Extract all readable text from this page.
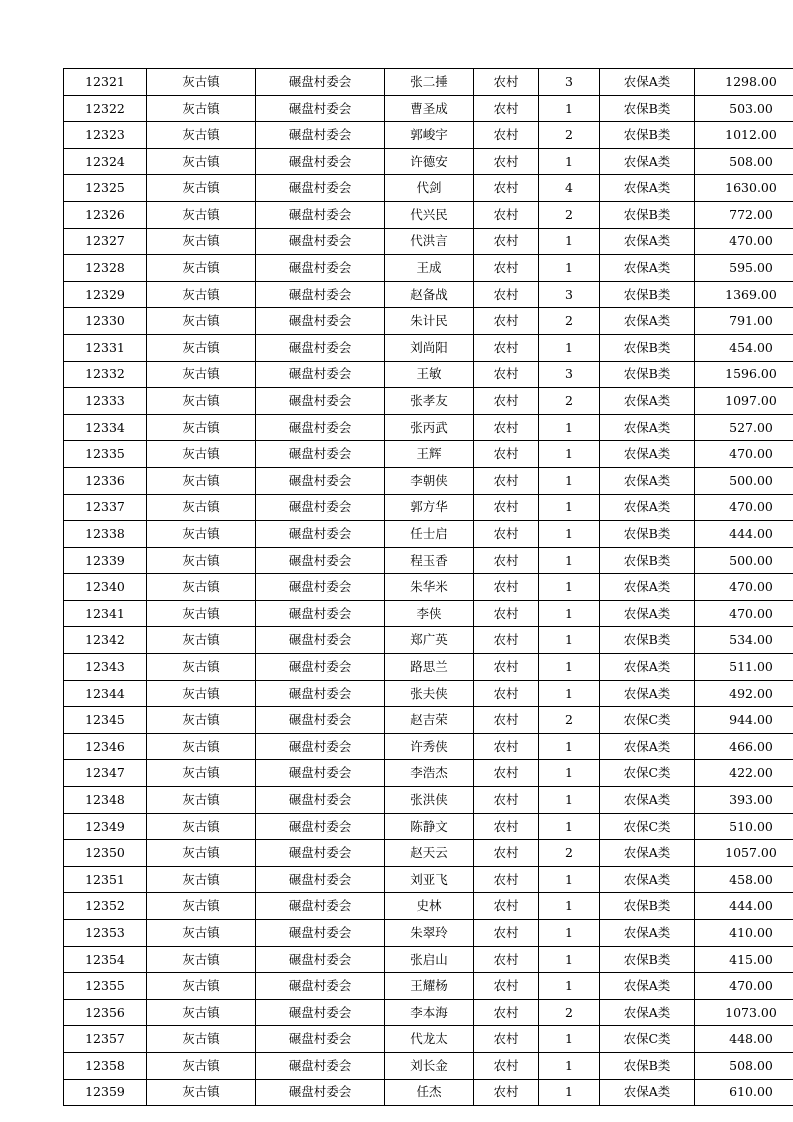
12321	灰古镇	碾盘村委会	张二捶	农村	3	农保A类	1298.00
12322	灰古镇	碾盘村委会	曹圣成	农村	1	农保B类	503.00
12323	灰古镇	碾盘村委会	郭峻宇	农村	2	农保B类	1012.00
12324	灰古镇	碾盘村委会	许德安	农村	1	农保A类	508.00
12325	灰古镇	碾盘村委会	代剑	农村	4	农保A类	1630.00
12326	灰古镇	碾盘村委会	代兴民	农村	2	农保B类	772.00
12327	灰古镇	碾盘村委会	代洪言	农村	1	农保A类	470.00
12328	灰古镇	碾盘村委会	王成	农村	1	农保A类	595.00
12329	灰古镇	碾盘村委会	赵备战	农村	3	农保B类	1369.00
12330	灰古镇	碾盘村委会	朱计民	农村	2	农保A类	791.00
12331	灰古镇	碾盘村委会	刘尚阳	农村	1	农保B类	454.00
12332	灰古镇	碾盘村委会	王敏	农村	3	农保B类	1596.00
12333	灰古镇	碾盘村委会	张孝友	农村	2	农保A类	1097.00
12334	灰古镇	碾盘村委会	张丙武	农村	1	农保A类	527.00
12335	灰古镇	碾盘村委会	王辉	农村	1	农保A类	470.00
12336	灰古镇	碾盘村委会	李朝侠	农村	1	农保A类	500.00
12337	灰古镇	碾盘村委会	郭方华	农村	1	农保A类	470.00
12338	灰古镇	碾盘村委会	任士启	农村	1	农保B类	444.00
12339	灰古镇	碾盘村委会	程玉香	农村	1	农保B类	500.00
12340	灰古镇	碾盘村委会	朱华米	农村	1	农保A类	470.00
12341	灰古镇	碾盘村委会	李侠	农村	1	农保A类	470.00
12342	灰古镇	碾盘村委会	郑广英	农村	1	农保B类	534.00
12343	灰古镇	碾盘村委会	路思兰	农村	1	农保A类	511.00
12344	灰古镇	碾盘村委会	张夫侠	农村	1	农保A类	492.00
12345	灰古镇	碾盘村委会	赵吉荣	农村	2	农保C类	944.00
12346	灰古镇	碾盘村委会	许秀侠	农村	1	农保A类	466.00
12347	灰古镇	碾盘村委会	李浩杰	农村	1	农保C类	422.00
12348	灰古镇	碾盘村委会	张洪侠	农村	1	农保A类	393.00
12349	灰古镇	碾盘村委会	陈静文	农村	1	农保C类	510.00
12350	灰古镇	碾盘村委会	赵天云	农村	2	农保A类	1057.00
12351	灰古镇	碾盘村委会	刘亚飞	农村	1	农保A类	458.00
12352	灰古镇	碾盘村委会	史林	农村	1	农保B类	444.00
12353	灰古镇	碾盘村委会	朱翠玲	农村	1	农保A类	410.00
12354	灰古镇	碾盘村委会	张启山	农村	1	农保B类	415.00
12355	灰古镇	碾盘村委会	王耀杨	农村	1	农保A类	470.00
12356	灰古镇	碾盘村委会	李本海	农村	2	农保A类	1073.00
12357	灰古镇	碾盘村委会	代龙太	农村	1	农保C类	448.00
12358	灰古镇	碾盘村委会	刘长金	农村	1	农保B类	508.00
12359	灰古镇	碾盘村委会	任杰	农村	1	农保A类	610.00
